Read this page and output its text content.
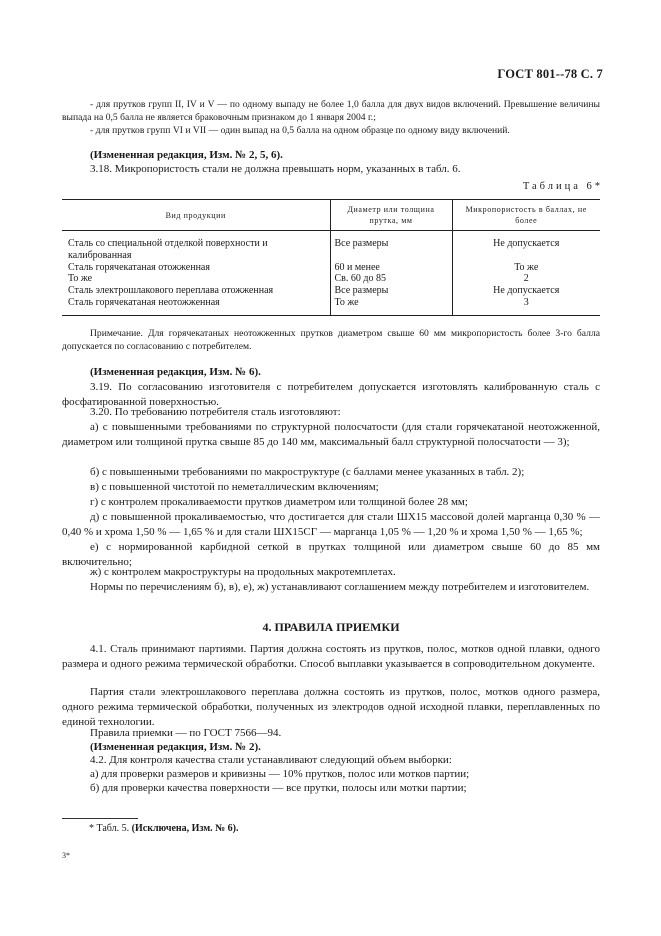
ГОСТ 801--78 С. 7
- для прутков групп II, IV и V — по одному выпаду не более 1,0 балла для двух видов включений. Превышение величины выпада на 0,5 балла не является браковочным признаком до 1 января 2004 г.;
- для прутков групп VI и VII — один выпад на 0,5 балла на одном образце по одному виду включений.
(Измененная редакция, Изм. № 2, 5, 6).
3.18. Микропористость стали не должна превышать норм, указанных в табл. 6.
Таблица 6*
Вид продукции	Диаметр или толщина прутка, мм	Микропористость в баллах, не более
Сталь со специальной отделкой поверхности и калиброванная	Все размеры	Не допускается
Сталь горячекатаная отожженная	60 и менее	То же
То же	Св. 60 до 85	2
Сталь электрошлакового переплава отожженная	Все размеры	Не допускается
Сталь горячекатаная неотожженная	То же	3
Примечание. Для горячекатаных неотожженных прутков диаметром свыше 60 мм микропористость более 3-го балла допускается по согласованию с потребителем.
(Измененная редакция, Изм. № 6).
3.19. По согласованию изготовителя с потребителем допускается изготовлять калиброванную сталь с фосфатированной поверхностью.
3.20. По требованию потребителя сталь изготовляют:
а) с повышенными требованиями по структурной полосчатости (для стали горячекатаной неотожженной, диаметром или толщиной прутка свыше 85 до 140 мм, максимальный балл структурной полосчатости — 3);
б) с повышенными требованиями по макроструктуре (с баллами менее указанных в табл. 2);
в) с повышенной чистотой по неметаллическим включениям;
г) с контролем прокаливаемости прутков диаметром или толщиной более 28 мм;
д) с повышенной прокаливаемостью, что достигается для стали ШХ15 массовой долей марганца 0,30 % — 0,40 % и хрома 1,50 % — 1,65 % и для стали ШХ15СГ — марганца 1,05 % — 1,20 % и хрома 1,50 % — 1,65 %;
е) с нормированной карбидной сеткой в прутках толщиной или диаметром свыше 60 до 85 мм включительно;
ж) с контролем макроструктуры на продольных макротемплетах.
Нормы по перечислениям б), в), е), ж) устанавливают соглашением между потребителем и изготовителем.
4. ПРАВИЛА ПРИЕМКИ
4.1. Сталь принимают партиями. Партия должна состоять из прутков, полос, мотков одной плавки, одного размера и одного режима термической обработки. Способ выплавки указывается в сопроводительном документе.
Партия стали электрошлакового переплава должна состоять из прутков, полос, мотков одного размера, одного режима термической обработки, полученных из электродов одной исходной плавки, переплавленных по единой технологии.
Правила приемки — по ГОСТ 7566—94.
(Измененная редакция, Изм. № 2).
4.2. Для контроля качества стали устанавливают следующий объем выборки:
а) для проверки размеров и кривизны — 10% прутков, полос или мотков партии;
б) для проверки качества поверхности — все прутки, полосы или мотки партии;
* Табл. 5. (Исключена, Изм. № 6).
3*
